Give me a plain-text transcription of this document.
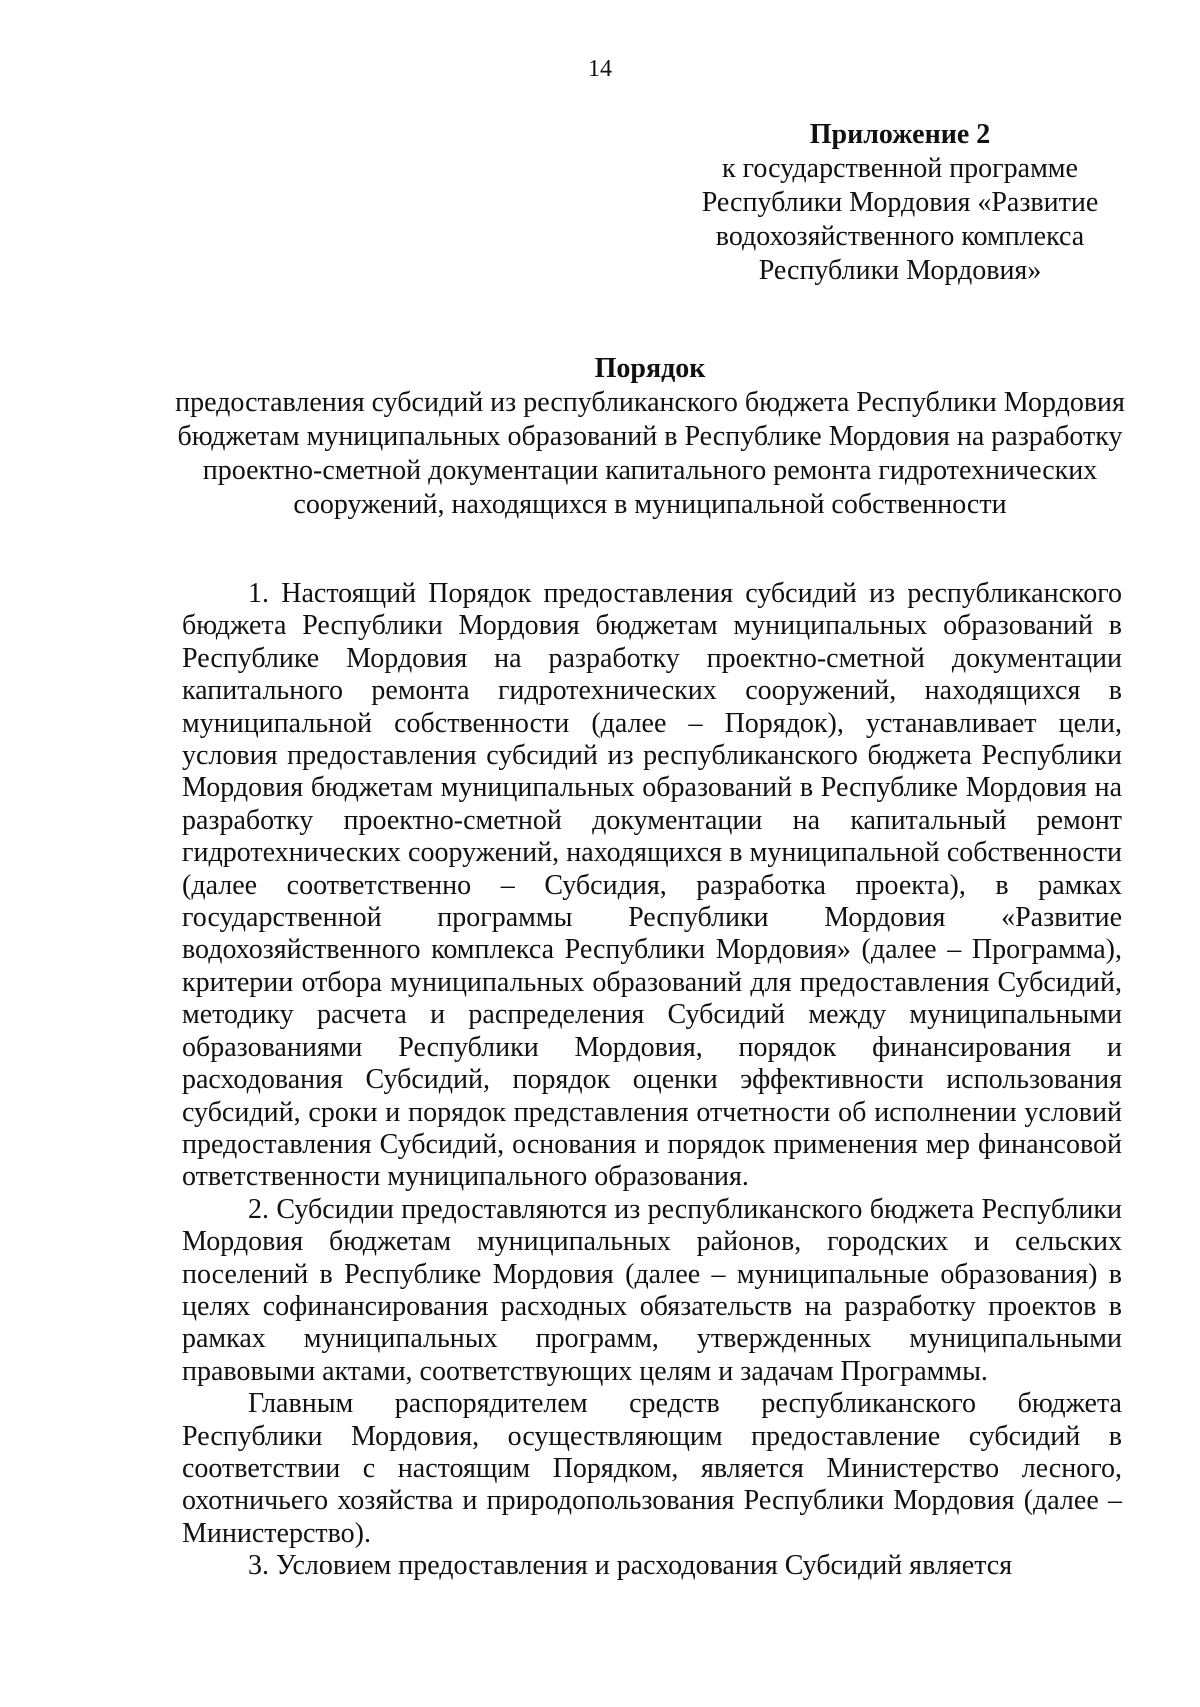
14
Приложение 2
к государственной программе
Республики Мордовия «Развитие
водохозяйственного комплекса
Республики Мордовия»
Порядок
предоставления субсидий из республиканского бюджета Республики Мордовия бюджетам муниципальных образований в Республике Мордовия на разработку проектно-сметной документации капитального ремонта гидротехнических сооружений, находящихся в муниципальной собственности

1. Настоящий Порядок предоставления субсидий из республиканского бюджета Республики Мордовия бюджетам муниципальных образований в Республике Мордовия на разработку проектно-сметной документации капитального ремонта гидротехнических сооружений, находящихся в муниципальной собственности (далее – Порядок), устанавливает цели, условия предоставления субсидий из республиканского бюджета Республики Мордовия бюджетам муниципальных образований в Республике Мордовия на разработку проектно-сметной документации на капитальный ремонт гидротехнических сооружений, находящихся в муниципальной собственности (далее соответственно – Субсидия, разработка проекта), в рамках государственной программы Республики Мордовия «Развитие водохозяйственного комплекса Республики Мордовия» (далее – Программа), критерии отбора муниципальных образований для предоставления Субсидий, методику расчета и распределения Субсидий между муниципальными образованиями Республики Мордовия, порядок финансирования и расходования Субсидий, порядок оценки эффективности использования субсидий, сроки и порядок представления отчетности об исполнении условий предоставления Субсидий, основания и порядок применения мер финансовой ответственности муниципального образования.

2. Субсидии предоставляются из республиканского бюджета Республики Мордовия бюджетам муниципальных районов, городских и сельских поселений в Республике Мордовия (далее – муниципальные образования) в целях софинансирования расходных обязательств на разработку проектов в рамках муниципальных программ, утвержденных муниципальными правовыми актами, соответствующих целям и задачам Программы.

Главным распорядителем средств республиканского бюджета Республики Мордовия, осуществляющим предоставление субсидий в соответствии с настоящим Порядком, является Министерство лесного, охотничьего хозяйства и природопользования Республики Мордовия (далее – Министерство).

3. Условием предоставления и расходования Субсидий является
